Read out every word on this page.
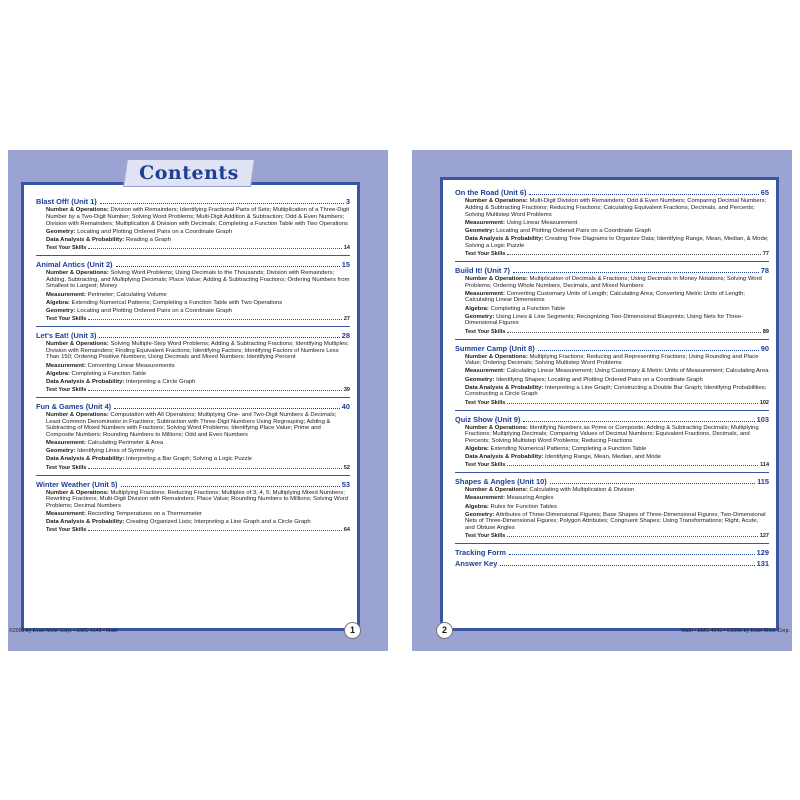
Blast Off! (Unit 1)	3
Number & Operations: Division with Remainders; Identifying Fractional Parts of Sets; Multiplication of a Three-Digit Number by a Two-Digit Number; Solving Word Problems; Multi-Digit Addition & Subtraction; Odd & Even Numbers; Division with Remainders; Multiplication & Division with Decimals; Completing a Function Table with Two Operations
Geometry: Locating and Plotting Ordered Pairs on a Coordinate Graph
Data Analysis & Probability: Reading a Graph
Test Your Skills	14
Animal Antics (Unit 2)	15
Number & Operations: Solving Word Problems; Using Decimals to the Thousands; Division with Remainders; Adding, Subtracting, and Multiplying Decimals; Place Value; Adding & Subtracting Fractions; Ordering Numbers from Smallest to Largest; Money
Measurement: Perimeter; Calculating Volume
Algebra: Extending Numerical Patterns; Completing a Function Table with Two Operations
Geometry: Locating and Plotting Ordered Pairs on a Coordinate Graph
Test Your Skills	27
Let's Eat! (Unit 3)	28
Number & Operations: Solving Multiple-Step Word Problems; Adding & Subtracting Fractions; Identifying Multiples; Division with Remainders; Finding Equivalent Fractions; Identifying Factors; Identifying Factors of Numbers Less Than 150; Ordering Positive Numbers; Using Decimals and Mixed Numbers; Identifying Percent
Measurement: Converting Linear Measurements
Algebra: Completing a Function Table
Data Analysis & Probability: Interpreting a Circle Graph
Test Your Skills	39
Fun & Games (Unit 4)	40
Number & Operations: Computation with All Operations; Multiplying One- and Two-Digit Numbers & Decimals; Least Common Denominator in Fractions; Subtraction with Three-Digit Numbers Using Regrouping; Adding & Subtracting of Mixed Numbers with Fractions; Solving Word Problems; Identifying Place Value; Prime and Composite Numbers; Rounding Numbers to Millions; Odd and Even Numbers
Measurement: Calculating Perimeter & Area
Geometry: Identifying Lines of Symmetry
Data Analysis & Probability: Interpreting a Bar Graph; Solving a Logic Puzzle
Test Your Skills	52
Winter Weather (Unit 5)	53
Number & Operations: Multiplying Fractions; Reducing Fractions; Multiples of 3, 4, 5; Multiplying Mixed Numbers; Rewriting Fractions; Multi-Digit Division with Remainders; Place Value; Rounding Numbers to Millions; Solving Word Problems; Decimal Numbers
Measurement: Recording Temperatures on a Thermometer
Data Analysis & Probability: Creating Organized Lists; Interpreting a Line Graph and a Circle Graph
Test Your Skills	64
Contents
©2005 by Evan-Moor Corp. • EMC 4549 • Math	1
On the Road (Unit 6)	65
Number & Operations: Multi-Digit Division with Remainders; Odd & Even Numbers; Comparing Decimal Numbers; Adding & Subtracting Fractions; Reducing Fractions; Calculating Equivalent Fractions, Decimals, and Percents; Solving Multistep Word Problems
Measurement: Using Linear Measurement
Geometry: Locating and Plotting Ordered Pairs on a Coordinate Graph
Data Analysis & Probability: Creating Tree Diagrams to Organize Data; Identifying Range, Mean, Median, & Mode; Solving a Logic Puzzle
Test Your Skills	77
Build It! (Unit 7)	78
Number & Operations: Multiplication of Decimals & Fractions; Using Decimals in Money Notations; Solving Word Problems; Ordering Whole Numbers, Decimals, and Mixed Numbers
Measurement: Converting Customary Units of Length; Calculating Area; Converting Metric Units of Length; Calculating Linear Dimensions
Algebra: Completing a Function Table
Geometry: Using Lines & Line Segments; Recognizing Two-Dimensional Blueprints; Using Nets for Three-Dimensional Figures
Test Your Skills	89
Summer Camp (Unit 8)	90
Number & Operations: Multiplying Fractions; Reducing and Representing Fractions; Using Rounding and Place Value; Ordering Decimals; Solving Multistep Word Problems
Measurement: Calculating Linear Measurement; Using Customary & Metric Units of Measurement; Calculating Area
Geometry: Identifying Shapes; Locating and Plotting Ordered Pairs on a Coordinate Graph
Data Analysis & Probability: Interpreting a Line Graph; Constructing a Double Bar Graph; Identifying Probabilities; Constructing a Circle Graph
Test Your Skills	102
Quiz Show (Unit 9)	103
Number & Operations: Identifying Numbers as Prime or Composite; Adding & Subtracting Decimals; Multiplying Fractions; Multiplying Decimals; Comparing Values of Decimal Numbers; Equivalent Fractions, Decimals, and Percents; Solving Multistep Word Problems; Reducing Fractions
Algebra: Extending Numerical Patterns; Completing a Function Table
Data Analysis & Probability: Identifying Range, Mean, Median, and Mode
Test Your Skills	114
Shapes & Angles (Unit 10)	115
Number & Operations: Calculating with Multiplication & Division
Measurement: Measuring Angles
Algebra: Rules for Function Tables
Geometry: Attributes of Three-Dimensional Figures; Base Shapes of Three-Dimensional Figures; Two-Dimensional Nets of Three-Dimensional Figures; Polygon Attributes; Congruent Shapes; Using Transformations; Right, Acute, and Obtuse Angles
Test Your Skills	127
Tracking Form	129
Answer Key	131
Math • EMC 4549 • ©2005 by Evan-Moor Corp.
2
